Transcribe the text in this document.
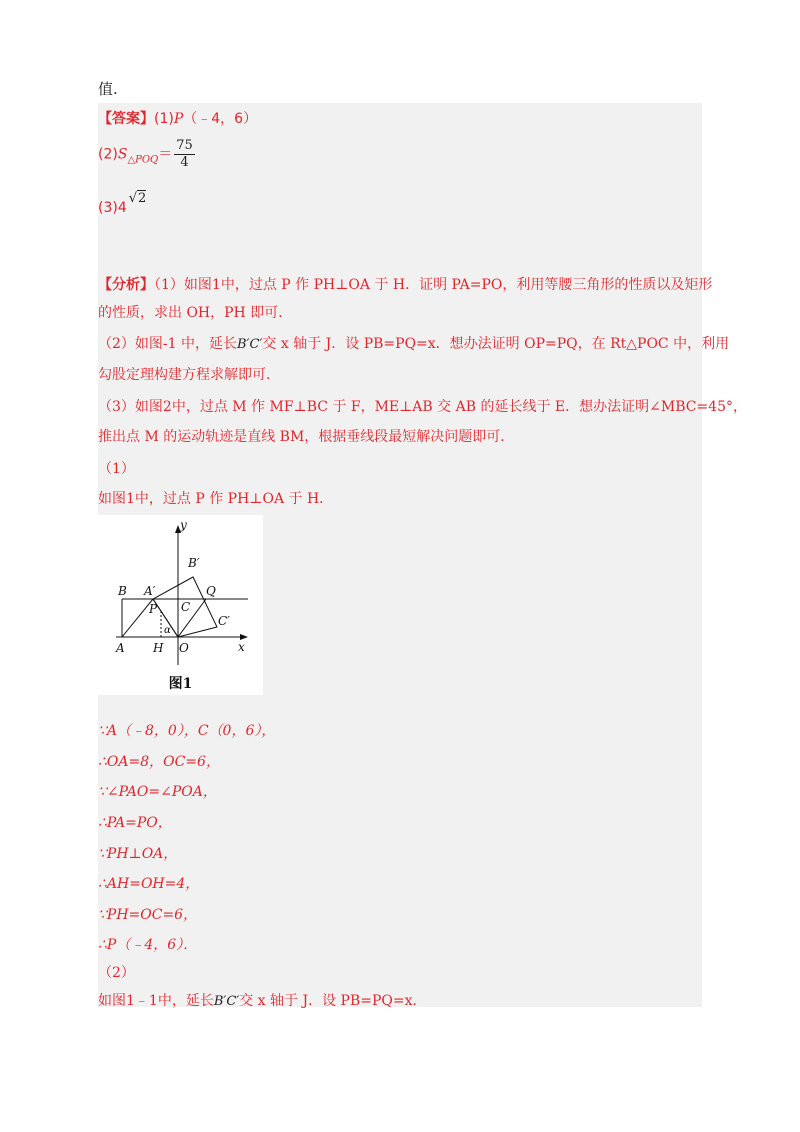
值.
【答案】(1)P（﹣4，6）
$(2)S_{\triangle POQ}= \frac{75}{4}$
(3)4√2
【分析】（1）如图1中，过点 P 作 PH⊥OA 于 H．证明 PA=PO，利用等腰三角形的性质以及矩形
的性质，求出 OH，PH 即可．
（2）如图-1 中，延长B′C′交 x 轴于 J．设 PB=PQ=x．想办法证明 OP=PQ，在 Rt△POC 中，利用
勾股定理构建方程求解即可．
（3）如图2中，过点 M 作 MF⊥BC 于 F，ME⊥AB 交 AB 的延长线于 E．想办法证明∠MBC=45°，
推出点 M 的运动轨迹是直线 BM，根据垂线段最短解决问题即可．
（1）
如图1中，过点 P 作 PH⊥OA 于 H．
y
x
B A′
B′
Q
P C
C′
α
A H O
图1
∵A（﹣8，0），C（0，6），
∴OA=8，OC=6，
∵∠PAO=∠POA，
∴PA=PO，
∵PH⊥OA，
∴AH=OH=4，
∵PH=OC=6，
∴P（﹣4，6）．
（2）
如图1﹣1中，延长B′C′交 x 轴于 J．设 PB=PQ=x．
